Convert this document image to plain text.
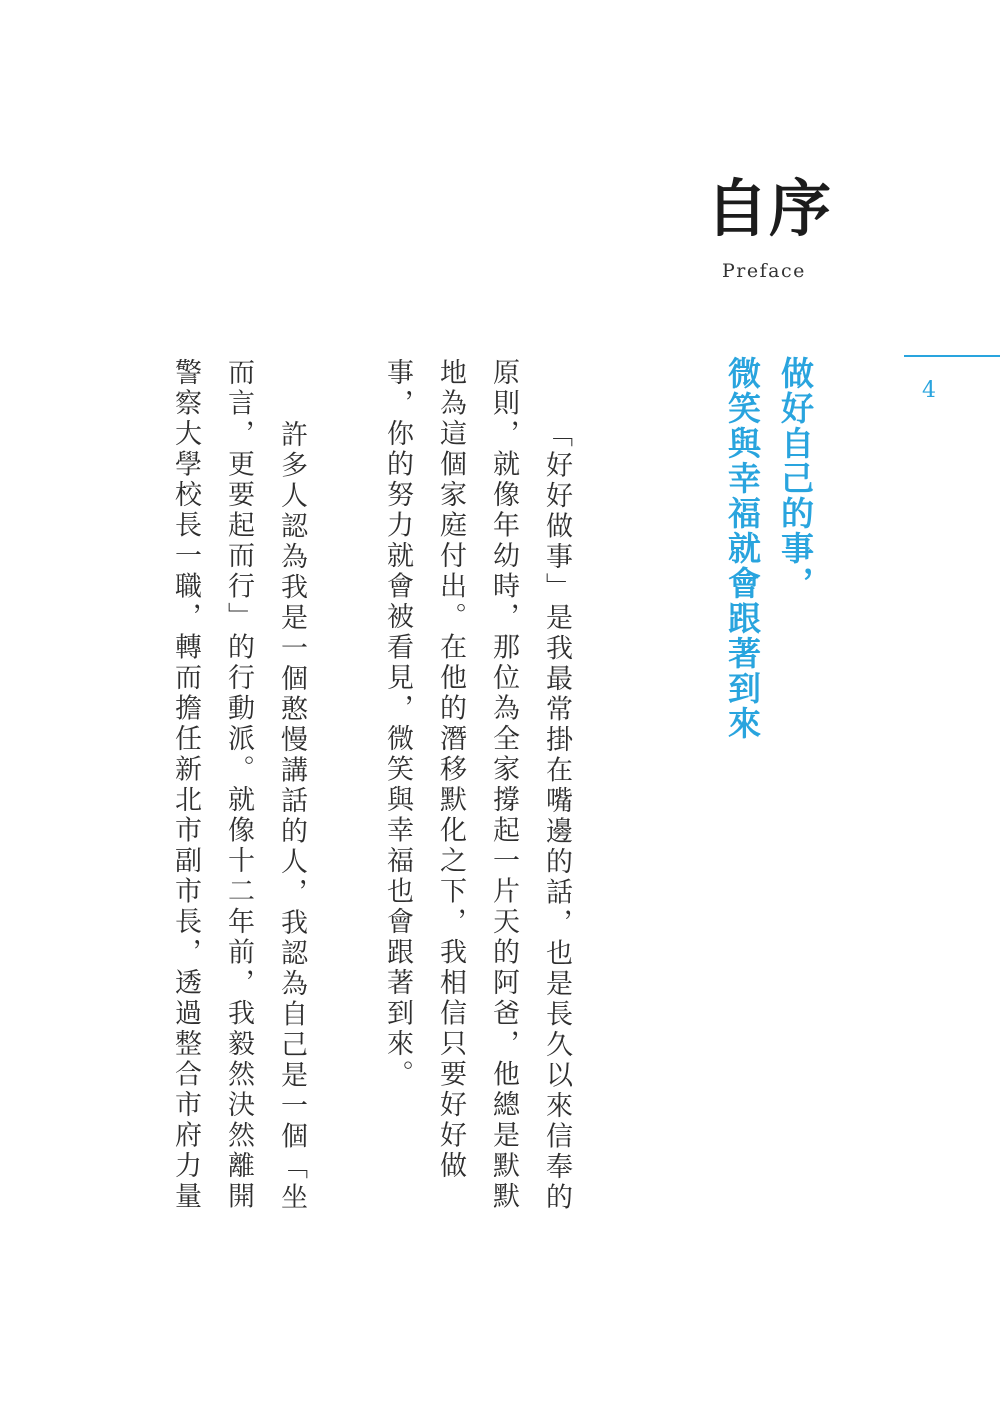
自序
Preface
4
做好自己的事，
微笑與幸福就會跟著到來
「好好做事」是我最常掛在嘴邊的話，也是長久以來信奉的
原則，就像年幼時，那位為全家撐起一片天的阿爸，他總是默默
地為這個家庭付出。在他的潛移默化之下，我相信只要好好做
事，你的努力就會被看見，微笑與幸福也會跟著到來。
許多人認為我是一個憨慢講話的人，我認為自己是一個「坐
而言，更要起而行」的行動派。就像十二年前，我毅然決然離開
警察大學校長一職，轉而擔任新北市副市長，透過整合市府力量
